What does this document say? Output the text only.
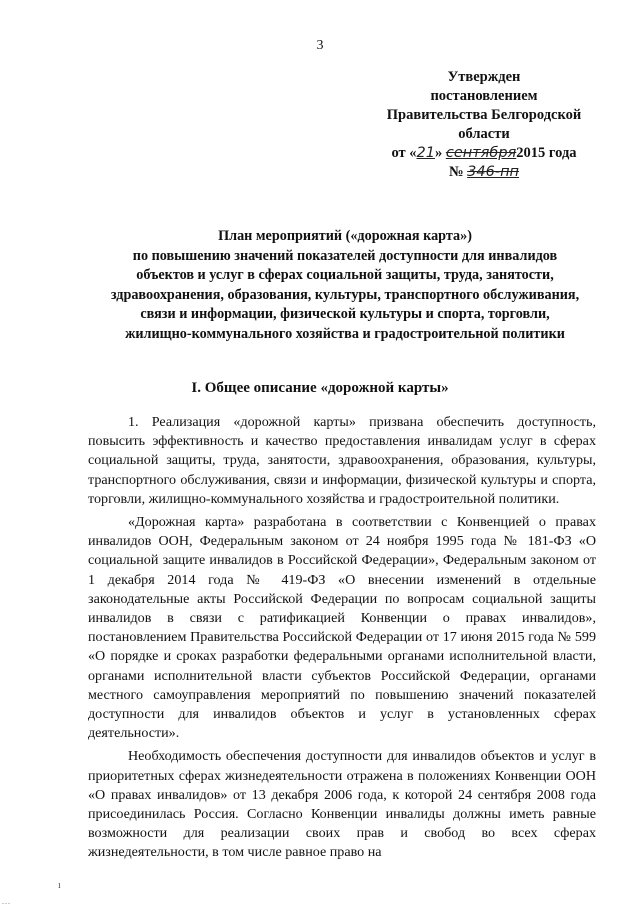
3
Утвержден
постановлением
Правительства Белгородской
области
от «21» сентября2015 года
№ 346-пп
План мероприятий («дорожная карта»)
по повышению значений показателей доступности для инвалидов
объектов и услуг в сферах социальной защиты, труда, занятости,
здравоохранения, образования, культуры, транспортного обслуживания,
связи и информации, физической культуры и спорта, торговли,
жилищно-коммунального хозяйства и градостроительной политики
I. Общее описание «дорожной карты»

1. Реализация «дорожной карты» призвана обеспечить доступность, повысить эффективность и качество предоставления инвалидам услуг в сферах социальной защиты, труда, занятости, здравоохранения, образования, культуры, транспортного обслуживания, связи и информации, физической культуры и спорта, торговли, жилищно-коммунального хозяйства и градостроительной политики.

«Дорожная карта» разработана в соответствии с Конвенцией о правах инвалидов ООН, Федеральным законом от 24 ноября 1995 года № 181-ФЗ «О социальной защите инвалидов в Российской Федерации», Федеральным законом от 1 декабря 2014 года № 419-ФЗ «О внесении изменений в отдельные законодательные акты Российской Федерации по вопросам социальной защиты инвалидов в связи с ратификацией Конвенции о правах инвалидов», постановлением Правительства Российской Федерации от 17 июня 2015 года № 599 «О порядке и сроках разработки федеральными органами исполнительной власти, органами исполнительной власти субъектов Российской Федерации, органами местного самоуправления мероприятий по повышению значений показателей доступности для инвалидов объектов и услуг в установленных сферах деятельности».

Необходимость обеспечения доступности для инвалидов объектов и услуг в приоритетных сферах жизнедеятельности отражена в положениях Конвенции ООН «О правах инвалидов» от 13 декабря 2006 года, к которой 24 сентября 2008 года присоединилась Россия. Согласно Конвенции инвалиды должны иметь равные возможности для реализации своих прав и свобод во всех сферах жизнедеятельности, в том числе равное право на

ı
...
